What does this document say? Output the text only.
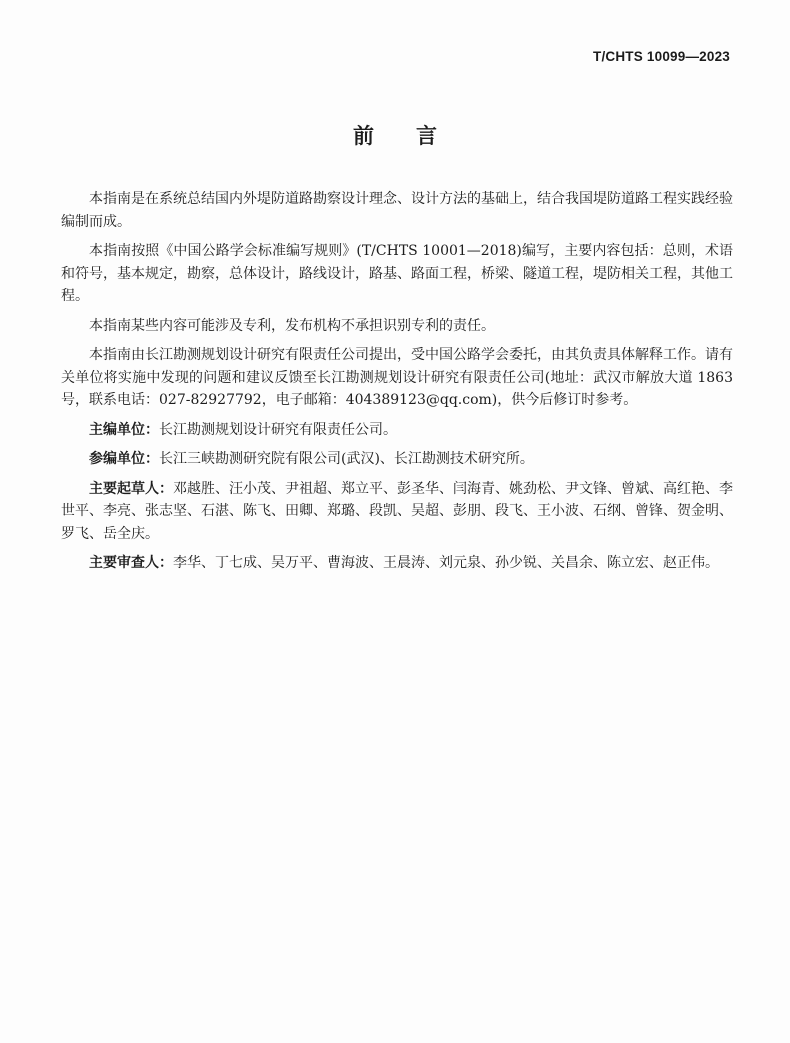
T/CHTS 10099—2023
前 言

本指南是在系统总结国内外堤防道路勘察设计理念、设计方法的基础上，结合我国堤防道路工程实践经验编制而成。

本指南按照《中国公路学会标准编写规则》(T/CHTS 10001—2018)编写，主要内容包括：总则，术语和符号，基本规定，勘察，总体设计，路线设计，路基、路面工程，桥梁、隧道工程，堤防相关工程，其他工程。

本指南某些内容可能涉及专利，发布机构不承担识别专利的责任。

本指南由长江勘测规划设计研究有限责任公司提出，受中国公路学会委托，由其负责具体解释工作。请有关单位将实施中发现的问题和建议反馈至长江勘测规划设计研究有限责任公司(地址：武汉市解放大道 1863 号，联系电话：027-82927792，电子邮箱：404389123@qq.com)，供今后修订时参考。

主编单位：长江勘测规划设计研究有限责任公司。

参编单位：长江三峡勘测研究院有限公司(武汉)、长江勘测技术研究所。

主要起草人：邓越胜、汪小茂、尹祖超、郑立平、彭圣华、闫海青、姚劲松、尹文锋、曾斌、高红艳、李世平、李亮、张志坚、石湛、陈飞、田卿、郑璐、段凯、吴超、彭朋、段飞、王小波、石纲、曾锋、贺金明、罗飞、岳全庆。

主要审查人：李华、丁七成、吴万平、曹海波、王晨涛、刘元泉、孙少锐、关昌余、陈立宏、赵正伟。
